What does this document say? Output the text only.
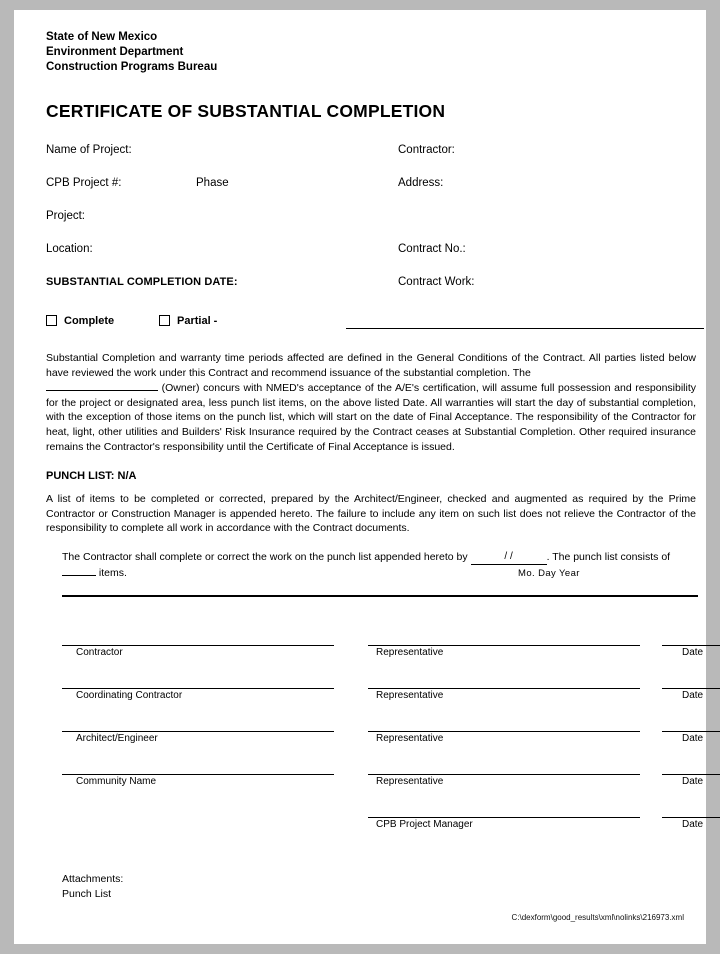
State of New Mexico
Environment Department
Construction Programs Bureau
CERTIFICATE OF SUBSTANTIAL COMPLETION
Name of Project:	Contractor:
CPB Project #:	Phase	Address:
Project:
Location:	Contract No.:
SUBSTANTIAL COMPLETION DATE:	Contract Work:
Complete	Partial -
Substantial Completion and warranty time periods affected are defined in the General Conditions of the Contract. All parties listed below have reviewed the work under this Contract and recommend issuance of the substantial completion. The
(Owner) concurs with NMED's acceptance of the A/E's certification, will assume full possession and responsibility for the project or designated area, less punch list items, on the above listed Date. All warranties will start the day of substantial completion, with the exception of those items on the punch list, which will start on the date of Final Acceptance. The responsibility of the Contractor for heat, light, other utilities and Builders' Risk Insurance required by the Contract ceases at Substantial Completion. Other required insurance remains the Contractor's responsibility until the Certificate of Final Acceptance is issued.
PUNCH LIST: N/A
A list of items to be completed or corrected, prepared by the Architect/Engineer, checked and augmented as required by the Prime Contractor or Construction Manager is appended hereto. The failure to include any item on such list does not relieve the Contractor of the responsibility to complete all work in accordance with the Contract documents.
The Contractor shall complete or correct the work on the punch list appended hereto by	/ /	. The punch list consists of
items.	Mo. Day Year
Contractor	Representative	Date
Coordinating Contractor	Representative	Date
Architect/Engineer	Representative	Date
Community Name	Representative	Date
CPB Project Manager	Date
Attachments:
Punch List
C:\dexform\good_results\xml\nolinks\216973.xml
